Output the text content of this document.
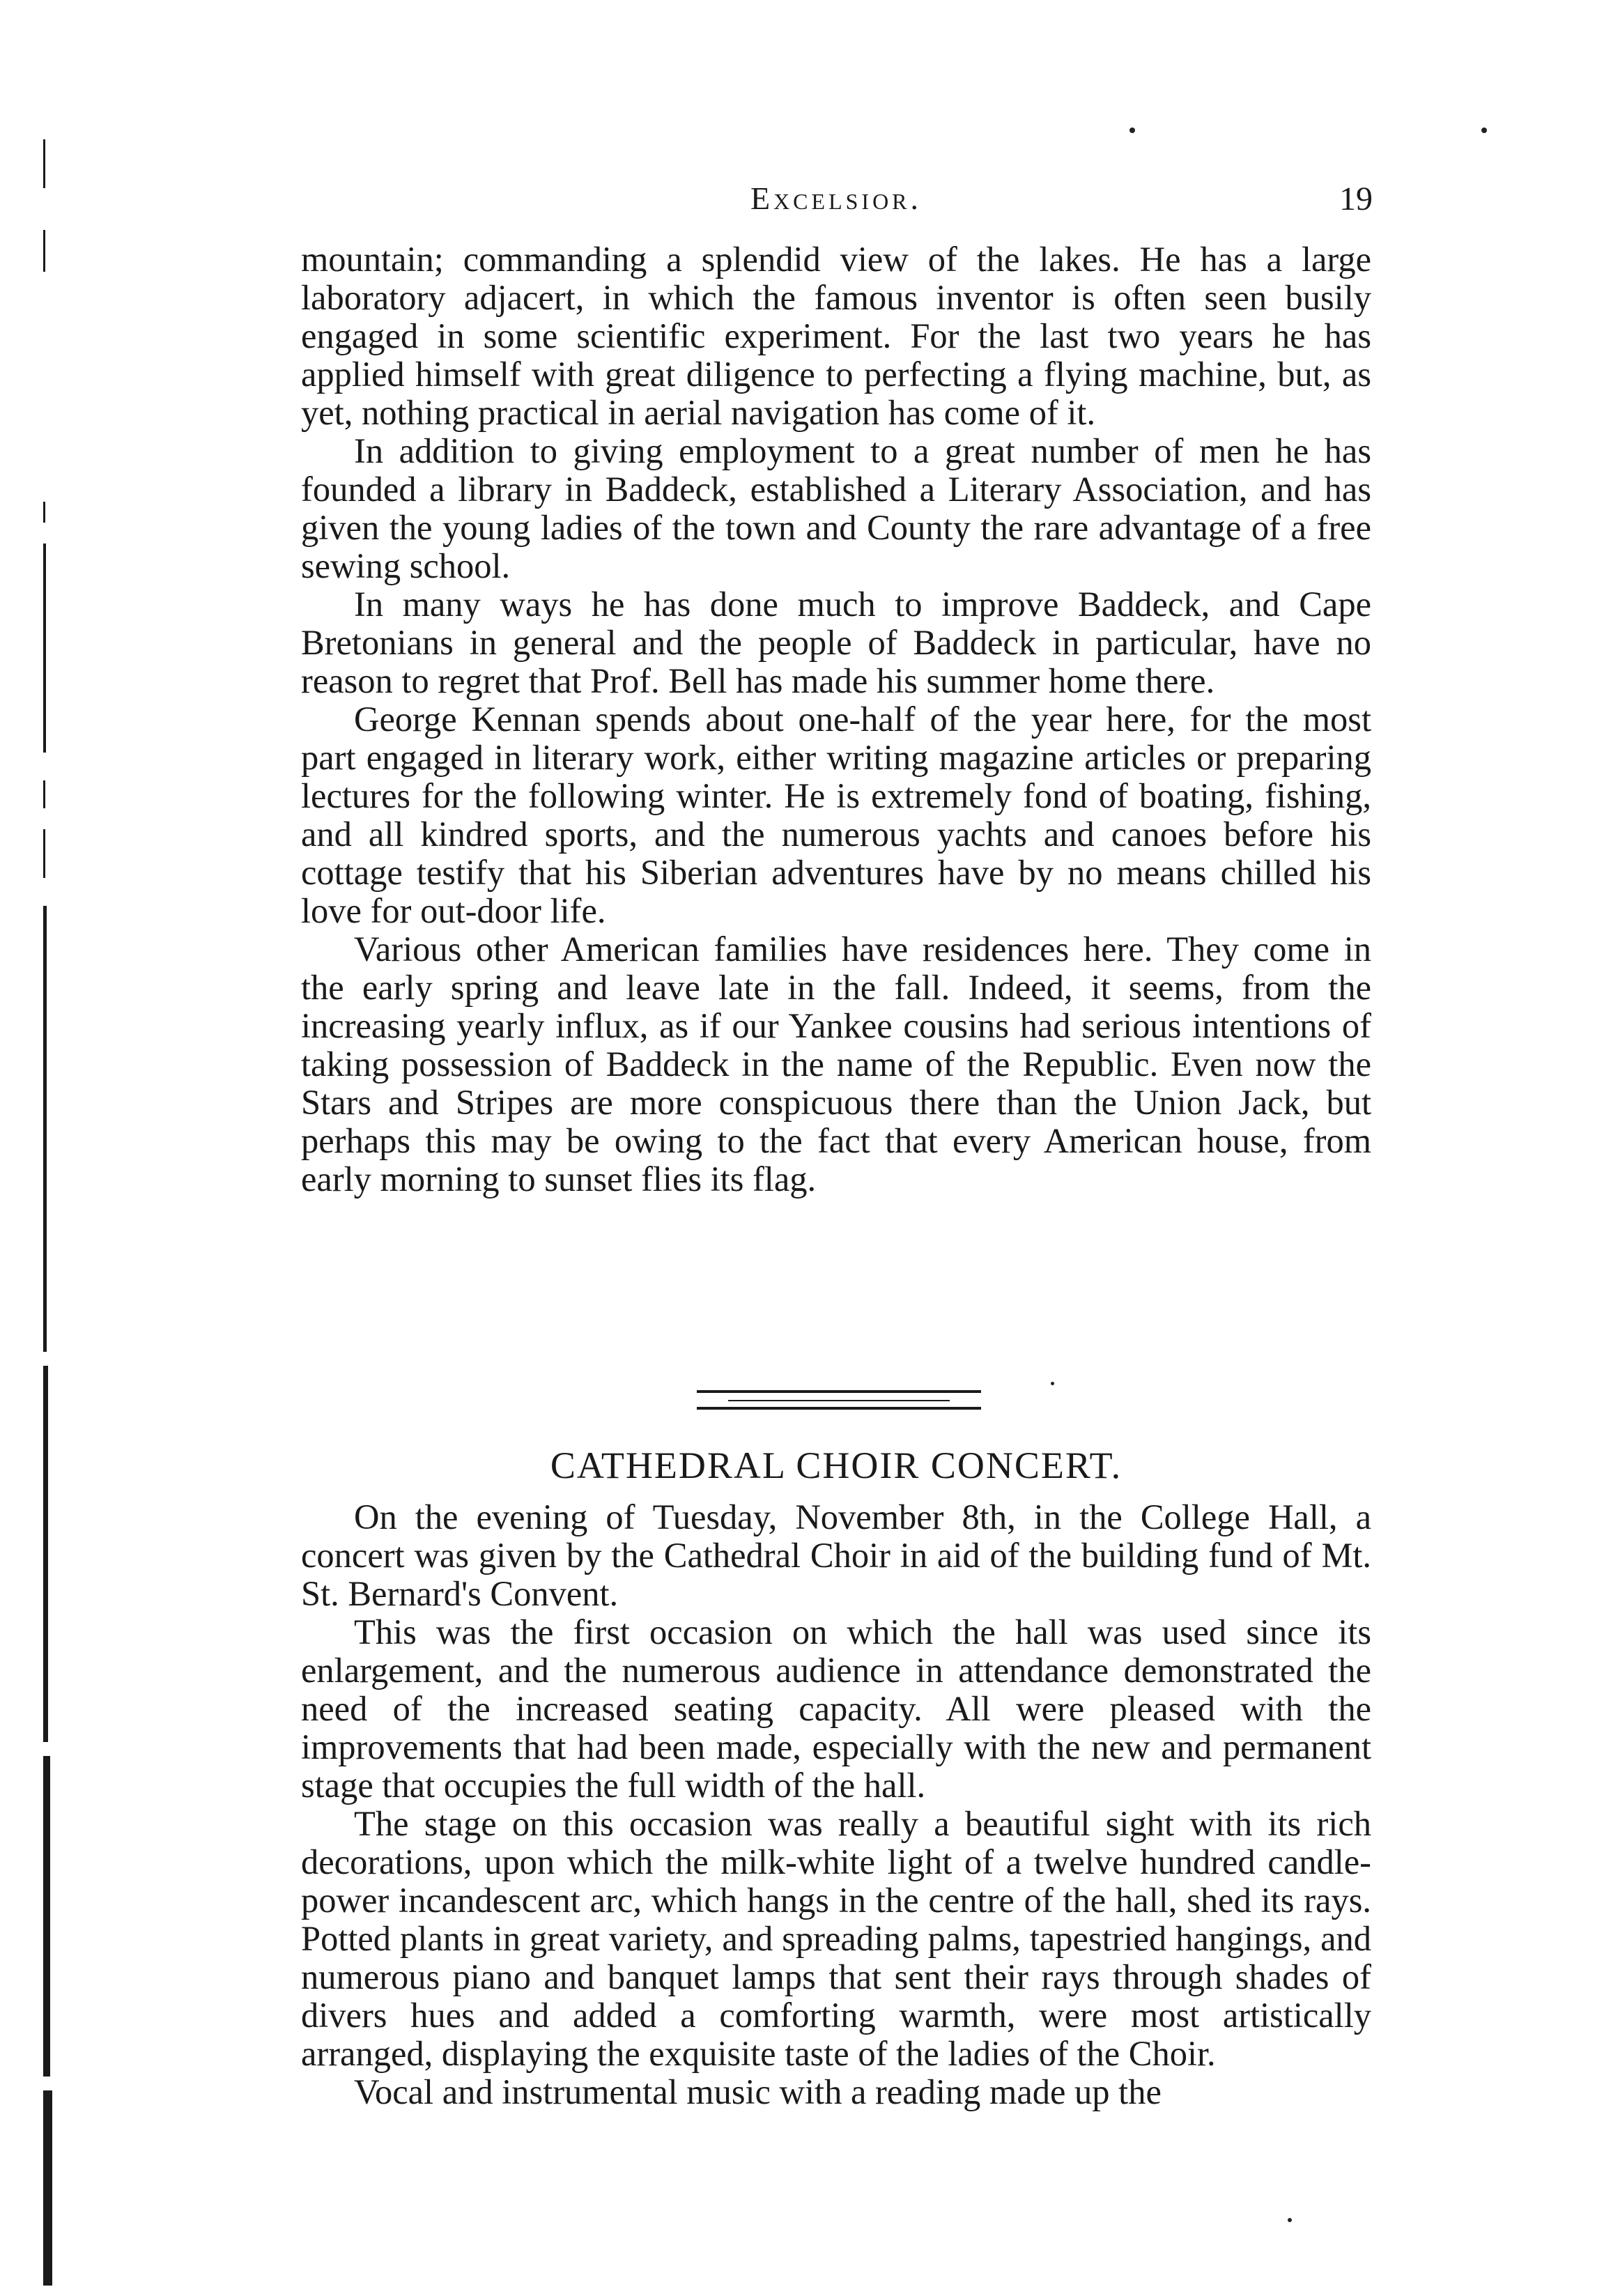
Excelsior.	19

mountain; commanding a splendid view of the lakes. He has a large laboratory adjacert, in which the famous inventor is often seen busily engaged in some scientific experiment. For the last two years he has applied himself with great diligence to perfecting a flying machine, but, as yet, nothing practical in aerial navigation has come of it.

In addition to giving employment to a great number of men he has founded a library in Baddeck, established a Literary Association, and has given the young ladies of the town and County the rare advantage of a free sewing school.

In many ways he has done much to improve Baddeck, and Cape Bretonians in general and the people of Baddeck in particular, have no reason to regret that Prof. Bell has made his summer home there.

George Kennan spends about one-half of the year here, for the most part engaged in literary work, either writing magazine articles or preparing lectures for the following winter. He is extremely fond of boating, fishing, and all kindred sports, and the numerous yachts and canoes before his cottage testify that his Siberian adventures have by no means chilled his love for out-door life.

Various other American families have residences here. They come in the early spring and leave late in the fall. Indeed, it seems, from the increasing yearly influx, as if our Yankee cousins had serious intentions of taking possession of Baddeck in the name of the Republic. Even now the Stars and Stripes are more conspicuous there than the Union Jack, but perhaps this may be owing to the fact that every American house, from early morning to sunset flies its flag.

CATHEDRAL CHOIR CONCERT.

On the evening of Tuesday, November 8th, in the College Hall, a concert was given by the Cathedral Choir in aid of the building fund of Mt. St. Bernard's Convent.

This was the first occasion on which the hall was used since its enlargement, and the numerous audience in attendance demonstrated the need of the increased seating capacity. All were pleased with the improvements that had been made, especially with the new and permanent stage that occupies the full width of the hall.

The stage on this occasion was really a beautiful sight with its rich decorations, upon which the milk-white light of a twelve hundred candle-power incandescent arc, which hangs in the centre of the hall, shed its rays. Potted plants in great variety, and spreading palms, tapestried hangings, and numerous piano and banquet lamps that sent their rays through shades of divers hues and added a comforting warmth, were most artistically arranged, displaying the exquisite taste of the ladies of the Choir.

Vocal and instrumental music with a reading made up the
